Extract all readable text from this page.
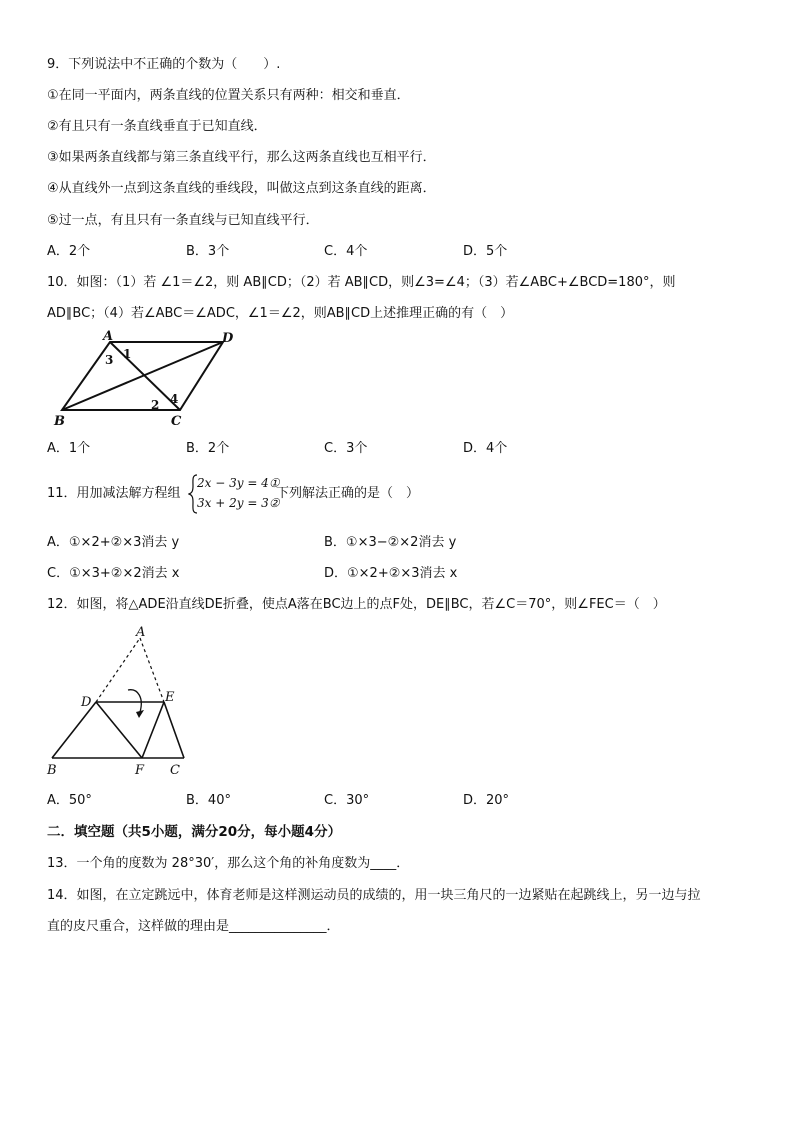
9．下列说法中不正确的个数为（　　）.
①在同一平面内，两条直线的位置关系只有两种：相交和垂直．
②有且只有一条直线垂直于已知直线．
③如果两条直线都与第三条直线平行，那么这两条直线也互相平行．
④从直线外一点到这条直线的垂线段，叫做这点到这条直线的距离．
⑤过一点，有且只有一条直线与已知直线平行．
A．2个	B．3个	C．4个	D．5个
10．如图：（1）若 ∠1＝∠2，则 AB∥CD；（2）若 AB∥CD，则∠3=∠4；（3）若∠ABC+∠BCD=180°，则
AD∥BC；（4）若∠ABC＝∠ADC，∠1＝∠2，则AB∥CD上述推理正确的有（　）
A	D
B	C
1
3
2 4
A．1个	B．2个	C．3个	D．4个
11．用加减法解方程组
2x − 3y = 4①
3x + 2y = 3②
下列解法正确的是（　）
A．①×2+②×3消去 y	B．①×3−②×2消去 y
C．①×3+②×2消去 x	D．①×2+②×3消去 x
12．如图，将△ADE沿直线DE折叠，使点A落在BC边上的点F处，DE∥BC，若∠C＝70°，则∠FEC＝（　）
A
D	E
B	F C
A．50°	B．40°	C．30°	D．20°
二．填空题（共5小题，满分20分，每小题4分）
13．一个角的度数为 28°30′，那么这个角的补角度数为____．
14．如图，在立定跳远中，体育老师是这样测运动员的成绩的，用一块三角尺的一边紧贴在起跳线上，另一边与拉
直的皮尺重合，这样做的理由是_______________．
